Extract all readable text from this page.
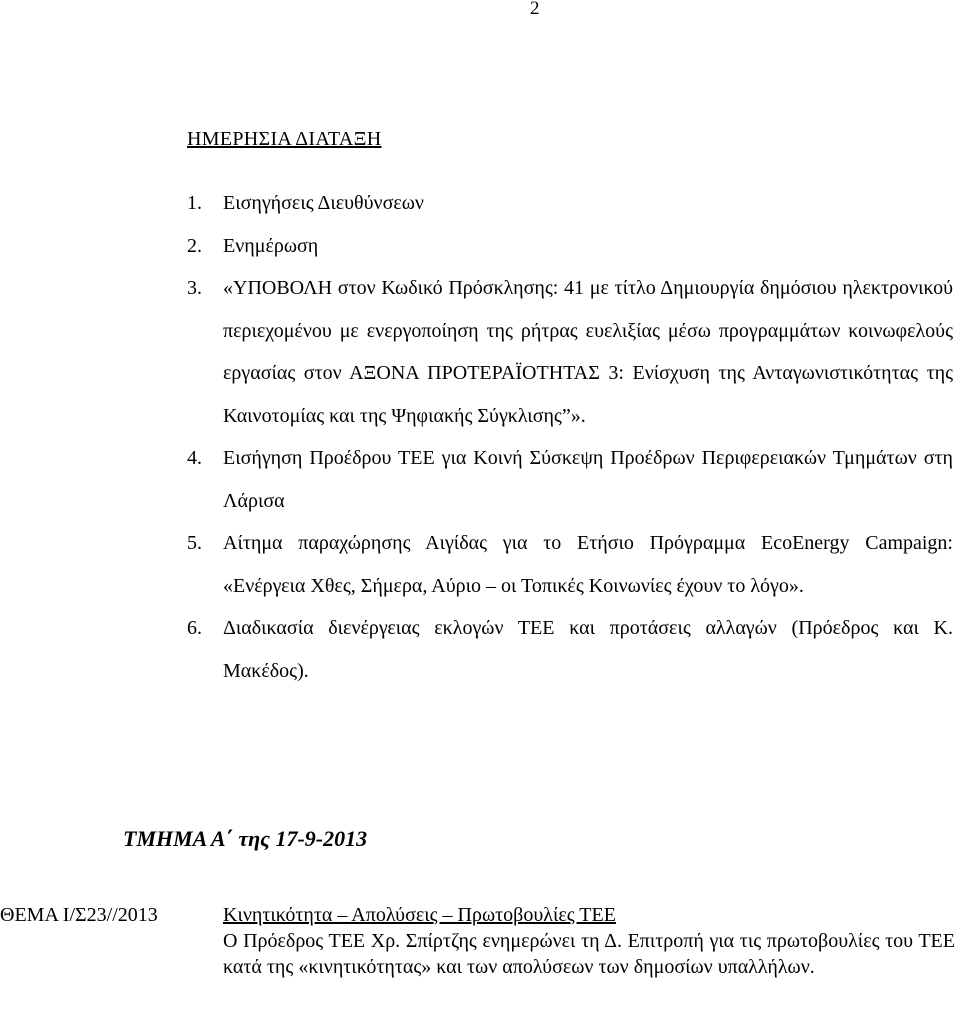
2
ΗΜΕΡΗΣΙΑ ΔΙΑΤΑΞΗ
1.	Εισηγήσεις Διευθύνσεων
2.	Ενημέρωση
3.	«ΥΠΟΒΟΛΗ στον Κωδικό Πρόσκλησης: 41 με τίτλο Δημιουργία δημόσιου ηλεκτρονικού περιεχομένου με ενεργοποίηση της ρήτρας ευελιξίας μέσω προγραμμάτων κοινωφελούς εργασίας στον ΑΞΟΝΑ ΠΡΟΤΕΡΑΪΟΤΗΤΑΣ 3: Ενίσχυση της Ανταγωνιστικότητας της Καινοτομίας και της Ψηφιακής Σύγκλισης”».
4.	Εισήγηση Προέδρου ΤΕΕ για Κοινή Σύσκεψη Προέδρων Περιφερειακών Τμημάτων στη Λάρισα
5.	Αίτημα παραχώρησης Αιγίδας για το Ετήσιο Πρόγραμμα EcoEnergy Campaign: «Ενέργεια Χθες, Σήμερα, Αύριο – οι Τοπικές Κοινωνίες έχουν το λόγο».
6.	Διαδικασία διενέργειας εκλογών ΤΕΕ και προτάσεις αλλαγών (Πρόεδρος και Κ. Μακέδος).
ΤΜΗΜΑ Α΄ της 17-9-2013
ΘΕΜΑ Ι/Σ23//2013	Κινητικότητα – Απολύσεις – Πρωτοβουλίες ΤΕΕ
Ο Πρόεδρος ΤΕΕ Χρ. Σπίρτζης ενημερώνει τη Δ. Επιτροπή για τις πρωτοβουλίες του ΤΕΕ κατά της «κινητικότητας» και των απολύσεων των δημοσίων υπαλλήλων.
